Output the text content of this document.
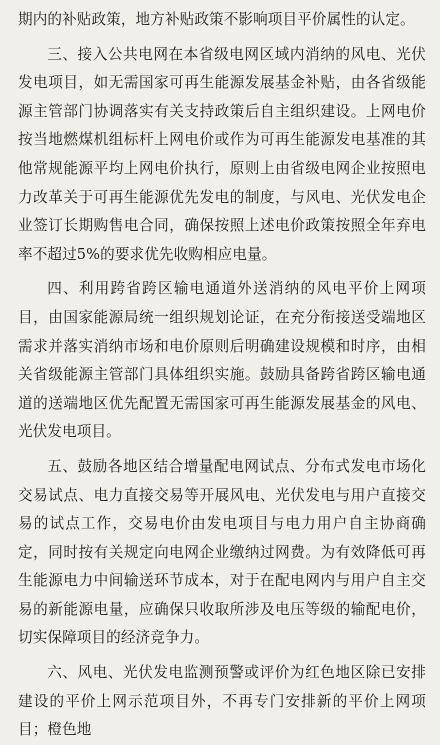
期内的补贴政策，地方补贴政策不影响项目平价属性的认定。

三、接入公共电网在本省级电网区域内消纳的风电、光伏发电项目，如无需国家可再生能源发展基金补贴，由各省级能源主管部门协调落实有关支持政策后自主组织建设。上网电价按当地燃煤机组标杆上网电价或作为可再生能源发电基准的其他常规能源平均上网电价执行，原则上由省级电网企业按照电力改革关于可再生能源优先发电的制度，与风电、光伏发电企业签订长期购售电合同，确保按照上述电价政策按照全年弃电率不超过5%的要求优先收购相应电量。

四、利用跨省跨区输电通道外送消纳的风电平价上网项目，由国家能源局统一组织规划论证，在充分衔接送受端地区需求并落实消纳市场和电价原则后明确建设规模和时序，由相关省级能源主管部门具体组织实施。鼓励具备跨省跨区输电通道的送端地区优先配置无需国家可再生能源发展基金的风电、光伏发电项目。

五、鼓励各地区结合增量配电网试点、分布式发电市场化交易试点、电力直接交易等开展风电、光伏发电与用户直接交易的试点工作，交易电价由发电项目与电力用户自主协商确定，同时按有关规定向电网企业缴纳过网费。为有效降低可再生能源电力中间输送环节成本，对于在配电网内与用户自主交易的新能源电量，应确保只收取所涉及电压等级的输配电价，切实保障项目的经济竞争力。

六、风电、光伏发电监测预警或评价为红色地区除已安排建设的平价上网示范项目外，不再专门安排新的平价上网项目；橙色地
